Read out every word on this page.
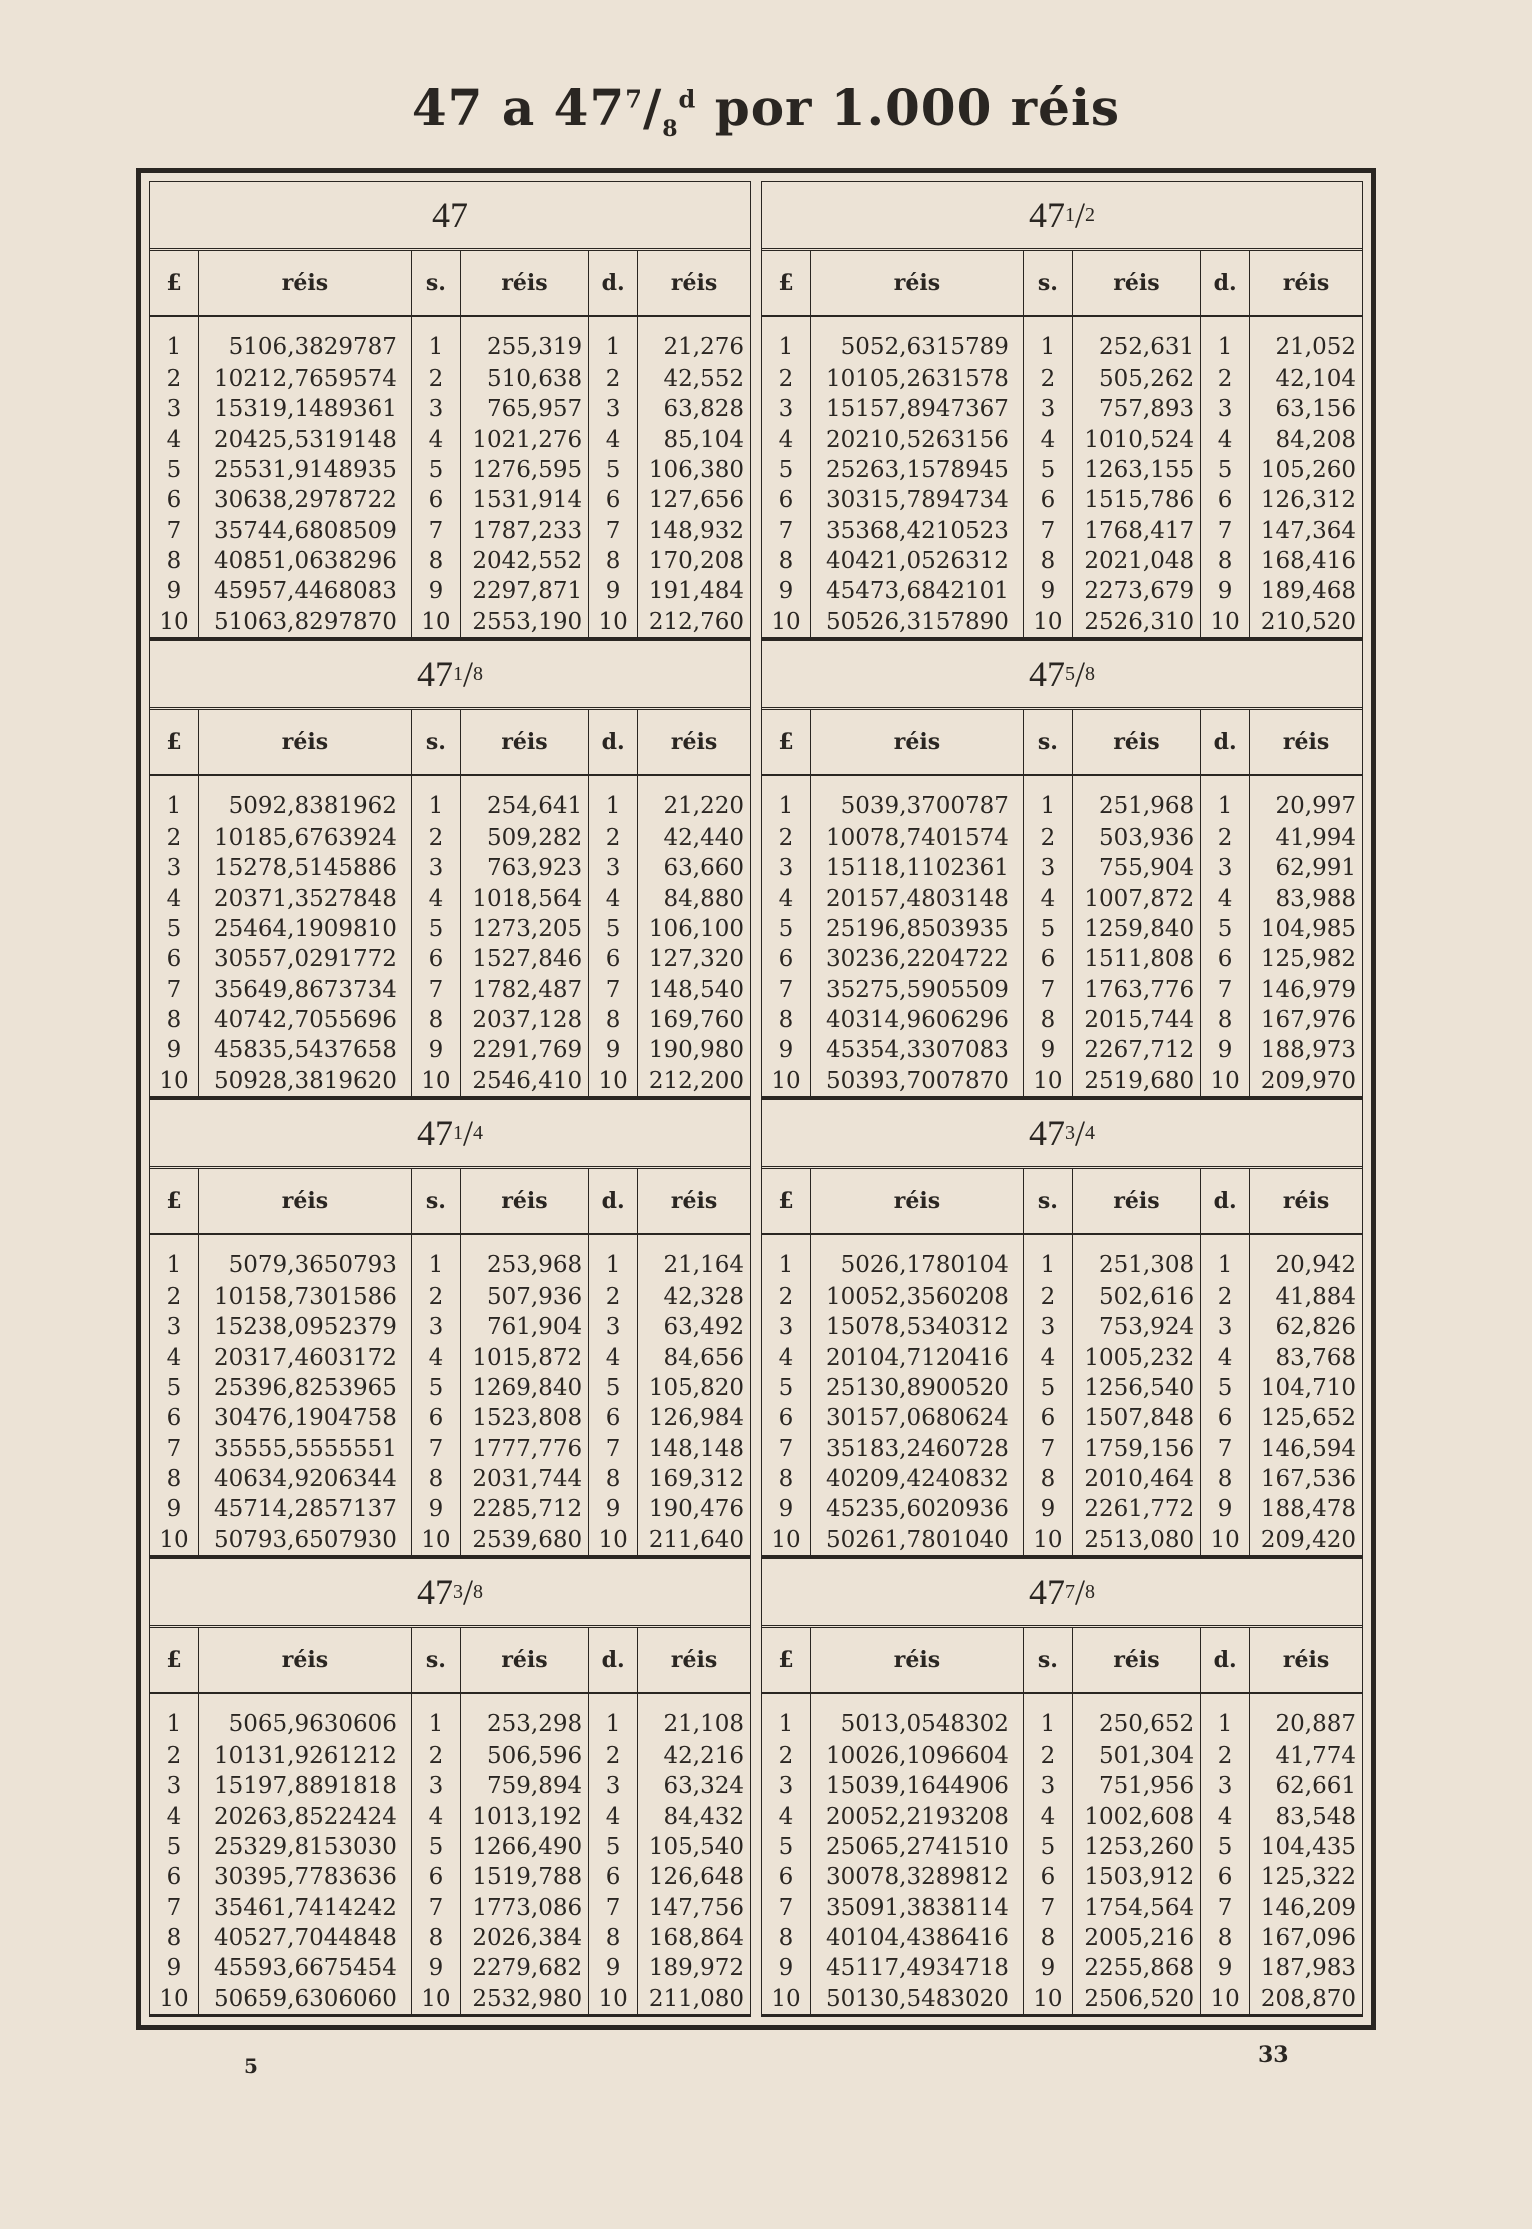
47 a $47^7/_8^d$ por 1.000 réis
47
£	réis	s.	réis	d.	réis
1	5106,3829787	1	255,319	1	21,276
2	10212,7659574	2	510,638	2	42,552
3	15319,1489361	3	765,957	3	63,828
4	20425,5319148	4	1021,276	4	85,104
5	25531,9148935	5	1276,595	5	106,380
6	30638,2978722	6	1531,914	6	127,656
7	35744,6808509	7	1787,233	7	148,932
8	40851,0638296	8	2042,552	8	170,208
9	45957,4468083	9	2297,871	9	191,484
10	51063,8297870	10	2553,190	10	212,760
47 1 / 2
£	réis	s.	réis	d.	réis
1	5052,6315789	1	252,631	1	21,052
2	10105,2631578	2	505,262	2	42,104
3	15157,8947367	3	757,893	3	63,156
4	20210,5263156	4	1010,524	4	84,208
5	25263,1578945	5	1263,155	5	105,260
6	30315,7894734	6	1515,786	6	126,312
7	35368,4210523	7	1768,417	7	147,364
8	40421,0526312	8	2021,048	8	168,416
9	45473,6842101	9	2273,679	9	189,468
10	50526,3157890	10	2526,310	10	210,520
47 1 / 8
£	réis	s.	réis	d.	réis
1	5092,8381962	1	254,641	1	21,220
2	10185,6763924	2	509,282	2	42,440
3	15278,5145886	3	763,923	3	63,660
4	20371,3527848	4	1018,564	4	84,880
5	25464,1909810	5	1273,205	5	106,100
6	30557,0291772	6	1527,846	6	127,320
7	35649,8673734	7	1782,487	7	148,540
8	40742,7055696	8	2037,128	8	169,760
9	45835,5437658	9	2291,769	9	190,980
10	50928,3819620	10	2546,410	10	212,200
47 5 / 8
£	réis	s.	réis	d.	réis
1	5039,3700787	1	251,968	1	20,997
2	10078,7401574	2	503,936	2	41,994
3	15118,1102361	3	755,904	3	62,991
4	20157,4803148	4	1007,872	4	83,988
5	25196,8503935	5	1259,840	5	104,985
6	30236,2204722	6	1511,808	6	125,982
7	35275,5905509	7	1763,776	7	146,979
8	40314,9606296	8	2015,744	8	167,976
9	45354,3307083	9	2267,712	9	188,973
10	50393,7007870	10	2519,680	10	209,970
47 1 / 4
£	réis	s.	réis	d.	réis
1	5079,3650793	1	253,968	1	21,164
2	10158,7301586	2	507,936	2	42,328
3	15238,0952379	3	761,904	3	63,492
4	20317,4603172	4	1015,872	4	84,656
5	25396,8253965	5	1269,840	5	105,820
6	30476,1904758	6	1523,808	6	126,984
7	35555,5555551	7	1777,776	7	148,148
8	40634,9206344	8	2031,744	8	169,312
9	45714,2857137	9	2285,712	9	190,476
10	50793,6507930	10	2539,680	10	211,640
47 3 / 4
£	réis	s.	réis	d.	réis
1	5026,1780104	1	251,308	1	20,942
2	10052,3560208	2	502,616	2	41,884
3	15078,5340312	3	753,924	3	62,826
4	20104,7120416	4	1005,232	4	83,768
5	25130,8900520	5	1256,540	5	104,710
6	30157,0680624	6	1507,848	6	125,652
7	35183,2460728	7	1759,156	7	146,594
8	40209,4240832	8	2010,464	8	167,536
9	45235,6020936	9	2261,772	9	188,478
10	50261,7801040	10	2513,080	10	209,420
47 3 / 8
£	réis	s.	réis	d.	réis
1	5065,9630606	1	253,298	1	21,108
2	10131,9261212	2	506,596	2	42,216
3	15197,8891818	3	759,894	3	63,324
4	20263,8522424	4	1013,192	4	84,432
5	25329,8153030	5	1266,490	5	105,540
6	30395,7783636	6	1519,788	6	126,648
7	35461,7414242	7	1773,086	7	147,756
8	40527,7044848	8	2026,384	8	168,864
9	45593,6675454	9	2279,682	9	189,972
10	50659,6306060	10	2532,980	10	211,080
47 7 / 8
£	réis	s.	réis	d.	réis
1	5013,0548302	1	250,652	1	20,887
2	10026,1096604	2	501,304	2	41,774
3	15039,1644906	3	751,956	3	62,661
4	20052,2193208	4	1002,608	4	83,548
5	25065,2741510	5	1253,260	5	104,435
6	30078,3289812	6	1503,912	6	125,322
7	35091,3838114	7	1754,564	7	146,209
8	40104,4386416	8	2005,216	8	167,096
9	45117,4934718	9	2255,868	9	187,983
10	50130,5483020	10	2506,520	10	208,870
5	33
